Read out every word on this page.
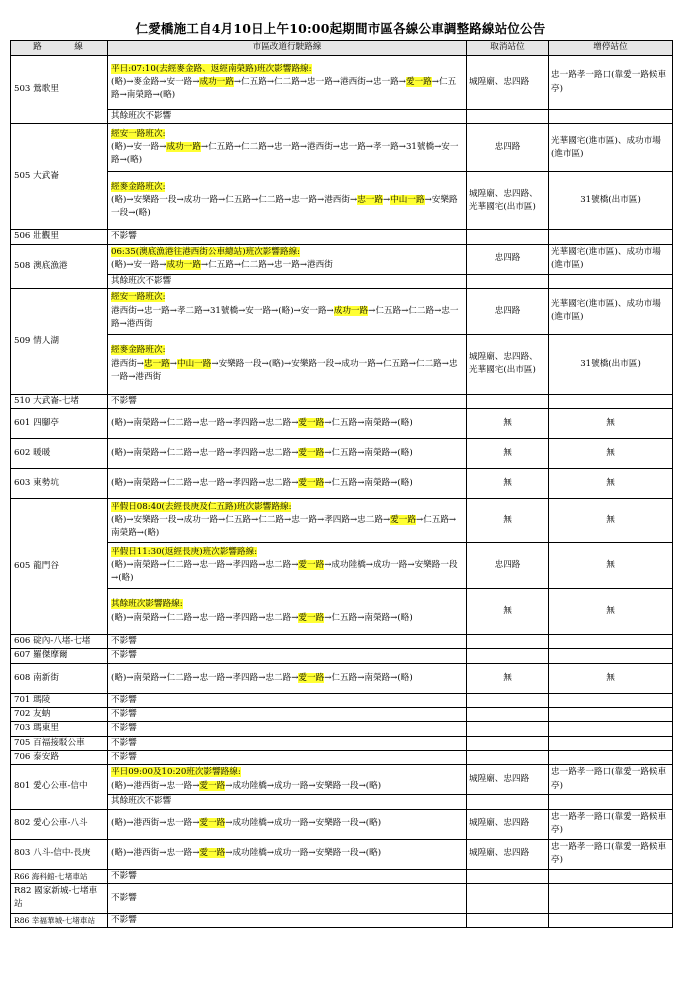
仁愛橋施工自4月10日上午10:00起期間市區各線公車調整路線站位公告
路　線	市區改道行駛路線	取消站位	增停站位
503 鶯歌里	平日:07:10(去經麥金路、返經南榮路)班次影響路線:
(略)→麥金路→安一路→成功一路→仁五路→仁二路→忠一路→港西街→忠一路→愛一路→仁五路→南榮路→(略)	城隍廟、忠四路	忠一路孝一路口(靠愛一路候車亭)
	其餘班次不影響		
505 大武崙	經安一路班次:
(略)→安一路→成功一路→仁五路→仁二路→忠一路→港西街→忠一路→孝一路→31號橋→安一路→(略)	忠四路	光華國宅(進市區)、成功市場(進市區)
	經麥金路班次:
(略)→安樂路一段→成功一路→仁五路→仁二路→忠一路→港西街→忠一路→中山一路→安樂路一段→(略)	城隍廟、忠四路、光華國宅(出市區)	31號橋(出市區)
506 壯觀里	不影響		
508 澳底漁港	06:35(澳底漁港往港西街公車總站)班次影響路線:
(略)→安一路→成功一路→仁五路→仁二路→忠一路→港西街	忠四路	光華國宅(進市區)、成功市場(進市區)
	其餘班次不影響		
509 情人湖	經安一路班次:
港西街→忠一路→孝二路→31號橋→安一路→(略)→安一路→成功一路→仁五路→仁二路→忠一路→港西街	忠四路	光華國宅(進市區)、成功市場(進市區)
	經麥金路班次:
港西街→忠一路→中山一路→安樂路一段→(略)→安樂路一段→成功一路→仁五路→仁二路→忠一路→港西街	城隍廟、忠四路、光華國宅(出市區)	31號橋(出市區)
510 大武崙-七堵	不影響		
601 四腳亭	(略)→南榮路→仁二路→忠一路→孝四路→忠二路→愛一路→仁五路→南榮路→(略)	無	無
602 暖暖	(略)→南榮路→仁二路→忠一路→孝四路→忠二路→愛一路→仁五路→南榮路→(略)	無	無
603 東勢坑	(略)→南榮路→仁二路→忠一路→孝四路→忠二路→愛一路→仁五路→南榮路→(略)	無	無
605 龍門谷	平假日08:40(去經長庚及仁五路)班次影響路線:
(略)→安樂路一段→成功一路→仁五路→仁二路→忠一路→孝四路→忠二路→愛一路→仁五路→南榮路→(略)	無	無
	平假日11:30(返經長庚)班次影響路線:
(略)→南榮路→仁二路→忠一路→孝四路→忠二路→愛一路→成功陸橋→成功一路→安樂路一段→(略)	忠四路	無
	其餘班次影響路線:
(略)→南榮路→仁二路→忠一路→孝四路→忠二路→愛一路→仁五路→南榮路→(略)	無	無
606 碇內-八堵-七堵	不影響		
607 羅傑摩爾	不影響		
608 南新街	(略)→南榮路→仁二路→忠一路→孝四路→忠二路→愛一路→仁五路→南榮路→(略)	無	無
701 瑪陵	不影響		
702 友蚋	不影響		
703 瑪東里	不影響		
705 百福接駁公車	不影響		
706 泰安路	不影響		
801 愛心公車-信中	平日09:00及10:20班次影響路線:
(略)→港西街→忠一路→愛一路→成功陸橋→成功一路→安樂路一段→(略)	城隍廟、忠四路	忠一路孝一路口(靠愛一路候車亭)
	其餘班次不影響		
802 愛心公車-八斗	(略)→港西街→忠一路→愛一路→成功陸橋→成功一路→安樂路一段→(略)	城隍廟、忠四路	忠一路孝一路口(靠愛一路候車亭)
803 八斗-信中-長庚	(略)→港西街→忠一路→愛一路→成功陸橋→成功一路→安樂路一段→(略)	城隍廟、忠四路	忠一路孝一路口(靠愛一路候車亭)
R66 海科館-七堵車站	不影響		
R82 國家新城-七堵車站	不影響		
R86 幸福華城-七堵車站	不影響		
